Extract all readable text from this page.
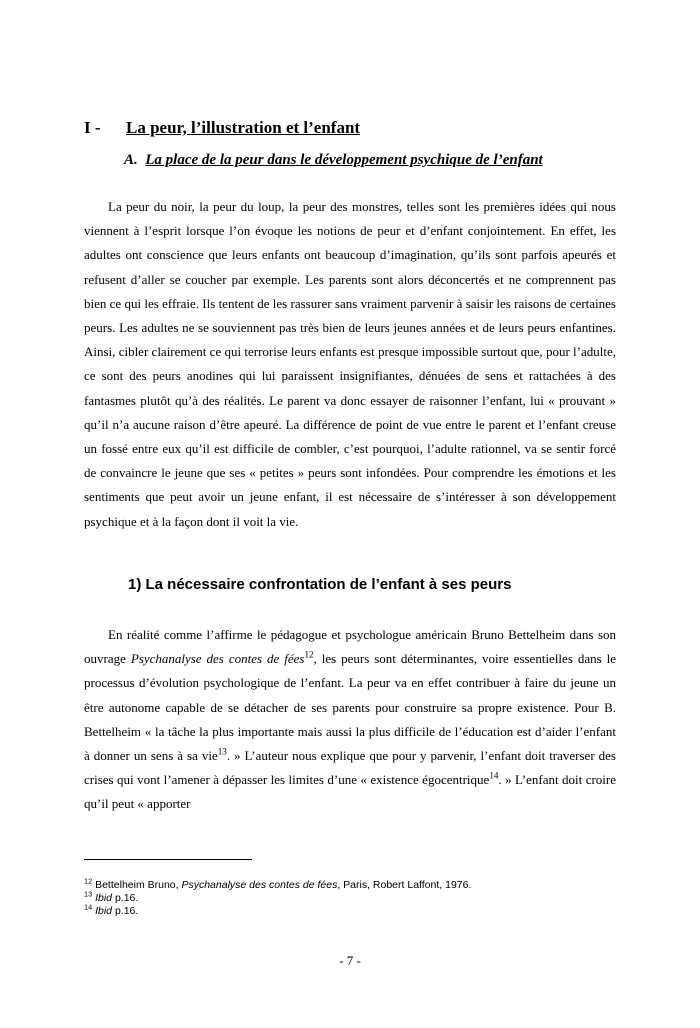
I - La peur, l’illustration et l’enfant
A. La place de la peur dans le développement psychique de l’enfant

La peur du noir, la peur du loup, la peur des monstres, telles sont les premières idées qui nous viennent à l’esprit lorsque l’on évoque les notions de peur et d’enfant conjointement. En effet, les adultes ont conscience que leurs enfants ont beaucoup d’imagination, qu’ils sont parfois apeurés et refusent d’aller se coucher par exemple. Les parents sont alors déconcertés et ne comprennent pas bien ce qui les effraie. Ils tentent de les rassurer sans vraiment parvenir à saisir les raisons de certaines peurs. Les adultes ne se souviennent pas très bien de leurs jeunes années et de leurs peurs enfantines. Ainsi, cibler clairement ce qui terrorise leurs enfants est presque impossible surtout que, pour l’adulte, ce sont des peurs anodines qui lui paraissent insignifiantes, dénuées de sens et rattachées à des fantasmes plutôt qu’à des réalités. Le parent va donc essayer de raisonner l’enfant, lui « prouvant » qu’il n’a aucune raison d’être apeuré. La différence de point de vue entre le parent et l’enfant creuse un fossé entre eux qu’il est difficile de combler, c’est pourquoi, l’adulte rationnel, va se sentir forcé de convaincre le jeune que ses « petites » peurs sont infondées. Pour comprendre les émotions et les sentiments que peut avoir un jeune enfant, il est nécessaire de s’intéresser à son développement psychique et à la façon dont il voit la vie.

1) La nécessaire confrontation de l’enfant à ses peurs

En réalité comme l’affirme le pédagogue et psychologue américain Bruno Bettelheim dans son ouvrage Psychanalyse des contes de fées$^{12}$, les peurs sont déterminantes, voire essentielles dans le processus d’évolution psychologique de l’enfant. La peur va en effet contribuer à faire du jeune un être autonome capable de se détacher de ses parents pour construire sa propre existence. Pour B. Bettelheim « la tâche la plus importante mais aussi la plus difficile de l’éducation est d’aider l’enfant à donner un sens à sa vie$^{13}$. » L’auteur nous explique que pour y parvenir, l’enfant doit traverser des crises qui vont l’amener à dépasser les limites d’une « existence égocentrique$^{14}$. » L’enfant doit croire qu’il peut « apporter

$^{12}$ Bettelheim Bruno, Psychanalyse des contes de fées, Paris, Robert Laffont, 1976.
$^{13}$ Ibid p.16.
$^{14}$ Ibid p.16.
- 7 -
